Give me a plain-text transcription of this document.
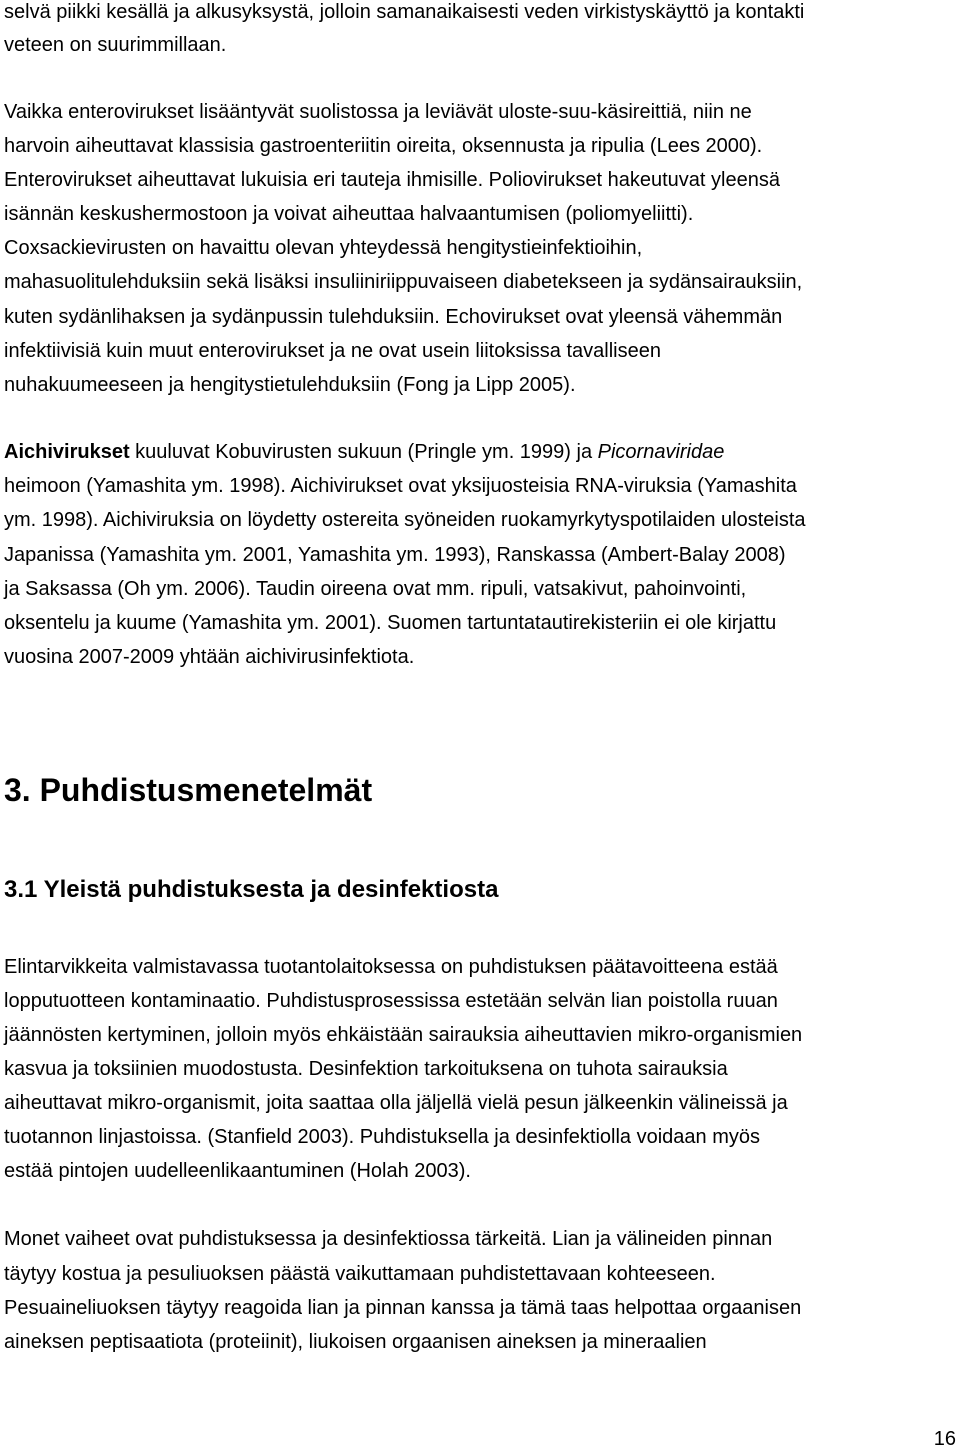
selvä piikki kesällä ja alkusyksystä, jolloin samanaikaisesti veden virkistyskäyttö ja kontakti

veteen on suurimmillaan.

Vaikka enterovirukset lisääntyvät suolistossa ja leviävät uloste-suu-käsireittiä, niin ne

harvoin aiheuttavat klassisia gastroenteriitin oireita, oksennusta ja ripulia (Lees 2000).

Enterovirukset aiheuttavat lukuisia eri tauteja ihmisille. Poliovirukset hakeutuvat yleensä

isännän keskushermostoon ja voivat aiheuttaa halvaantumisen (poliomyeliitti).

Coxsackievirusten on havaittu olevan yhteydessä hengitystieinfektioihin,

mahasuolitulehduksiin sekä lisäksi insuliiniriippuvaiseen diabetekseen ja sydänsairauksiin,

kuten sydänlihaksen ja sydänpussin tulehduksiin. Echovirukset ovat yleensä vähemmän

infektiivisiä kuin muut enterovirukset ja ne ovat usein liitoksissa tavalliseen

nuhakuumeeseen ja hengitystietulehduksiin (Fong ja Lipp 2005).

Aichivirukset kuuluvat Kobuvirusten sukuun (Pringle ym. 1999) ja Picornaviridae

heimoon (Yamashita ym. 1998). Aichivirukset ovat yksijuosteisia RNA-viruksia (Yamashita

ym. 1998). Aichiviruksia on löydetty ostereita syöneiden ruokamyrkytyspotilaiden ulosteista

Japanissa (Yamashita ym. 2001, Yamashita ym. 1993), Ranskassa (Ambert-Balay 2008)

ja Saksassa (Oh ym. 2006). Taudin oireena ovat mm. ripuli, vatsakivut, pahoinvointi,

oksentelu ja kuume (Yamashita ym. 2001). Suomen tartuntatautirekisteriin ei ole kirjattu

vuosina 2007-2009 yhtään aichivirusinfektiota.

3. Puhdistusmenetelmät
3.1 Yleistä puhdistuksesta ja desinfektiosta

Elintarvikkeita valmistavassa tuotantolaitoksessa on puhdistuksen päätavoitteena estää

lopputuotteen kontaminaatio. Puhdistusprosessissa estetään selvän lian poistolla ruuan

jäännösten kertyminen, jolloin myös ehkäistään sairauksia aiheuttavien mikro-organismien

kasvua ja toksiinien muodostusta. Desinfektion tarkoituksena on tuhota sairauksia

aiheuttavat mikro-organismit, joita saattaa olla jäljellä vielä pesun jälkeenkin välineissä ja

tuotannon linjastoissa. (Stanfield 2003). Puhdistuksella ja desinfektiolla voidaan myös

estää pintojen uudelleenlikaantuminen (Holah 2003).

Monet vaiheet ovat puhdistuksessa ja desinfektiossa tärkeitä. Lian ja välineiden pinnan

täytyy kostua ja pesuliuoksen päästä vaikuttamaan puhdistettavaan kohteeseen.

Pesuaineliuoksen täytyy reagoida lian ja pinnan kanssa ja tämä taas helpottaa orgaanisen

aineksen peptisaatiota (proteiinit), liukoisen orgaanisen aineksen ja mineraalien

16
